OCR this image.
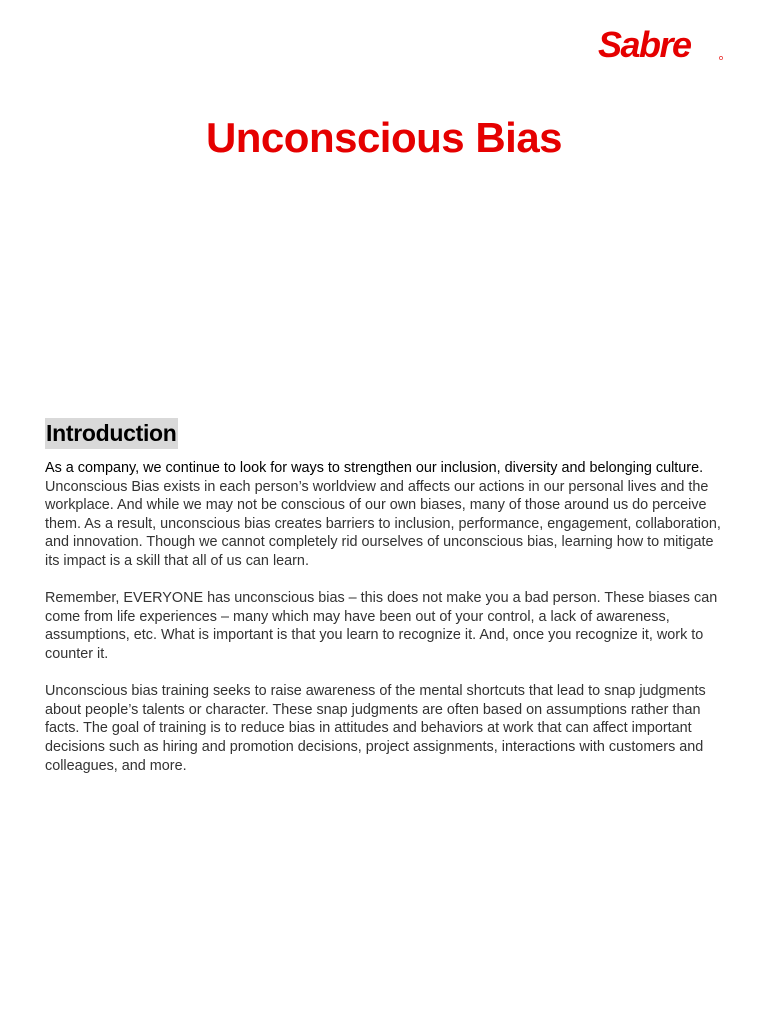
Sabre
Unconscious Bias
Introduction

As a company, we continue to look for ways to strengthen our inclusion, diversity and belonging culture. Unconscious Bias exists in each person’s worldview and affects our actions in our personal lives and the workplace. And while we may not be conscious of our own biases, many of those around us do perceive them. As a result, unconscious bias creates barriers to inclusion, performance, engagement, collaboration, and innovation. Though we cannot completely rid ourselves of unconscious bias, learning how to mitigate its impact is a skill that all of us can learn.

Remember, EVERYONE has unconscious bias – this does not make you a bad person. These biases can come from life experiences – many which may have been out of your control, a lack of awareness, assumptions, etc. What is important is that you learn to recognize it. And, once you recognize it, work to counter it.

Unconscious bias training seeks to raise awareness of the mental shortcuts that lead to snap judgments about people’s talents or character. These snap judgments are often based on assumptions rather than facts. The goal of training is to reduce bias in attitudes and behaviors at work that can affect important decisions such as hiring and promotion decisions, project assignments, interactions with customers and colleagues, and more.
